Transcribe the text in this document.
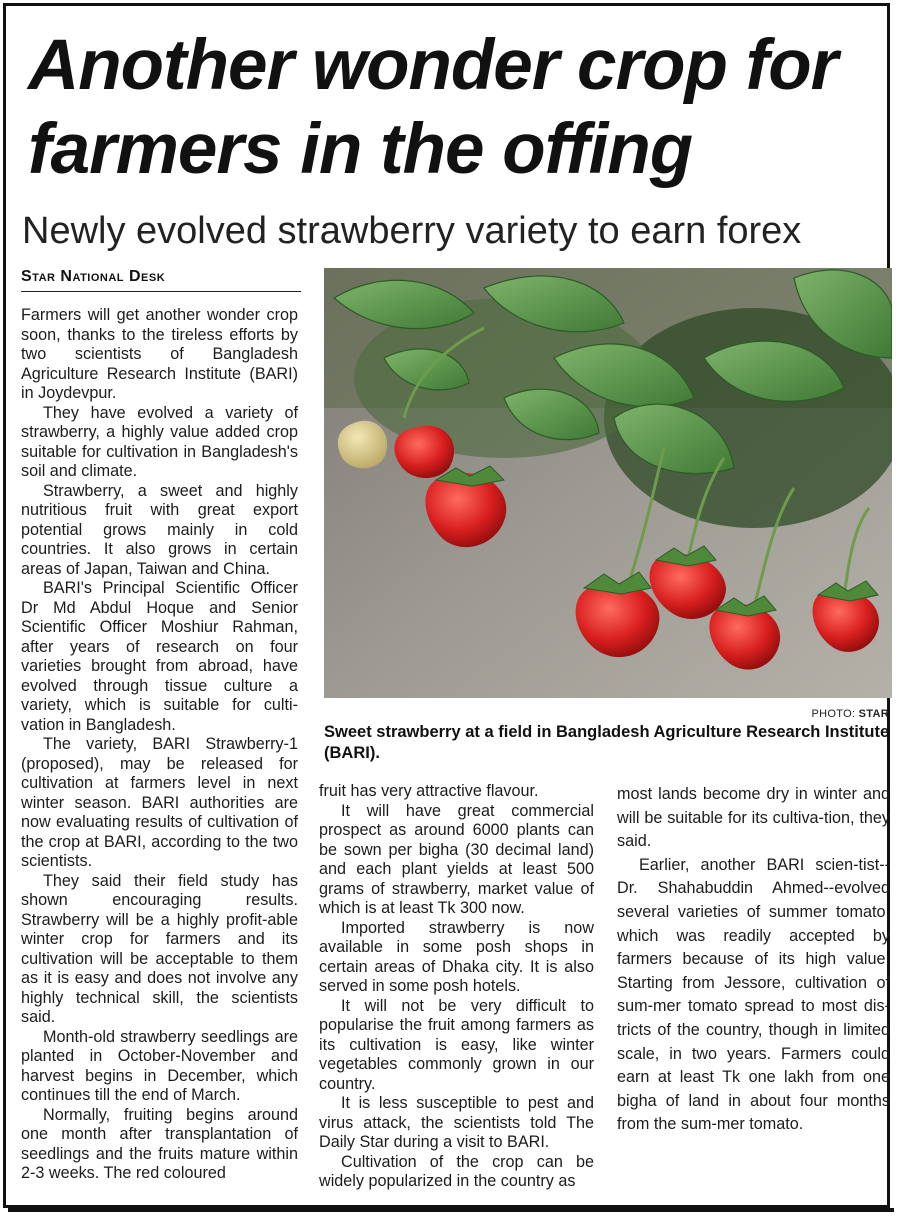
Another wonder crop for farmers in the offing
Newly evolved strawberry variety to earn forex
Star National Desk

Farmers will get another wonder crop soon, thanks to the tireless efforts by two scientists of Bangladesh Agriculture Research Institute (BARI) in Joydevpur.

They have evolved a variety of strawberry, a highly value added crop suitable for cultivation in Bangladesh's soil and climate.

Strawberry, a sweet and highly nutritious fruit with great export potential grows mainly in cold countries. It also grows in certain areas of Japan, Taiwan and China.

BARI's Principal Scientific Officer Dr Md Abdul Hoque and Senior Scientific Officer Moshiur Rahman, after years of research on four varieties brought from abroad, have evolved through tissue culture a variety, which is suitable for culti-vation in Bangladesh.

The variety, BARI Strawberry-1 (proposed), may be released for cultivation at farmers level in next winter season. BARI authorities are now evaluating results of cultivation of the crop at BARI, according to the two scientists.

They said their field study has shown encouraging results. Strawberry will be a highly profit-able winter crop for farmers and its cultivation will be acceptable to them as it is easy and does not involve any highly technical skill, the scientists said.

Month-old strawberry seedlings are planted in October-November and harvest begins in December, which continues till the end of March.

Normally, fruiting begins around one month after transplantation of seedlings and the fruits mature within 2-3 weeks. The red coloured

PHOTO: STAR

Sweet strawberry at a field in Bangladesh Agriculture Research Institute (BARI).

fruit has very attractive flavour.

It will have great commercial prospect as around 6000 plants can be sown per bigha (30 decimal land) and each plant yields at least 500 grams of strawberry, market value of which is at least Tk 300 now.

Imported strawberry is now available in some posh shops in certain areas of Dhaka city. It is also served in some posh hotels.

It will not be very difficult to popularise the fruit among farmers as its cultivation is easy, like winter vegetables commonly grown in our country.

It is less susceptible to pest and virus attack, the scientists told The Daily Star during a visit to BARI.

Cultivation of the crop can be widely popularized in the country as

most lands become dry in winter and will be suitable for its cultiva-tion, they said.

Earlier, another BARI scien-tist--Dr. Shahabuddin Ahmed--evolved several varieties of summer tomato, which was readily accepted by farmers because of its high value. Starting from Jessore, cultivation of sum-mer tomato spread to most dis-tricts of the country, though in limited scale, in two years. Farmers could earn at least Tk one lakh from one bigha of land in about four months from the sum-mer tomato.
